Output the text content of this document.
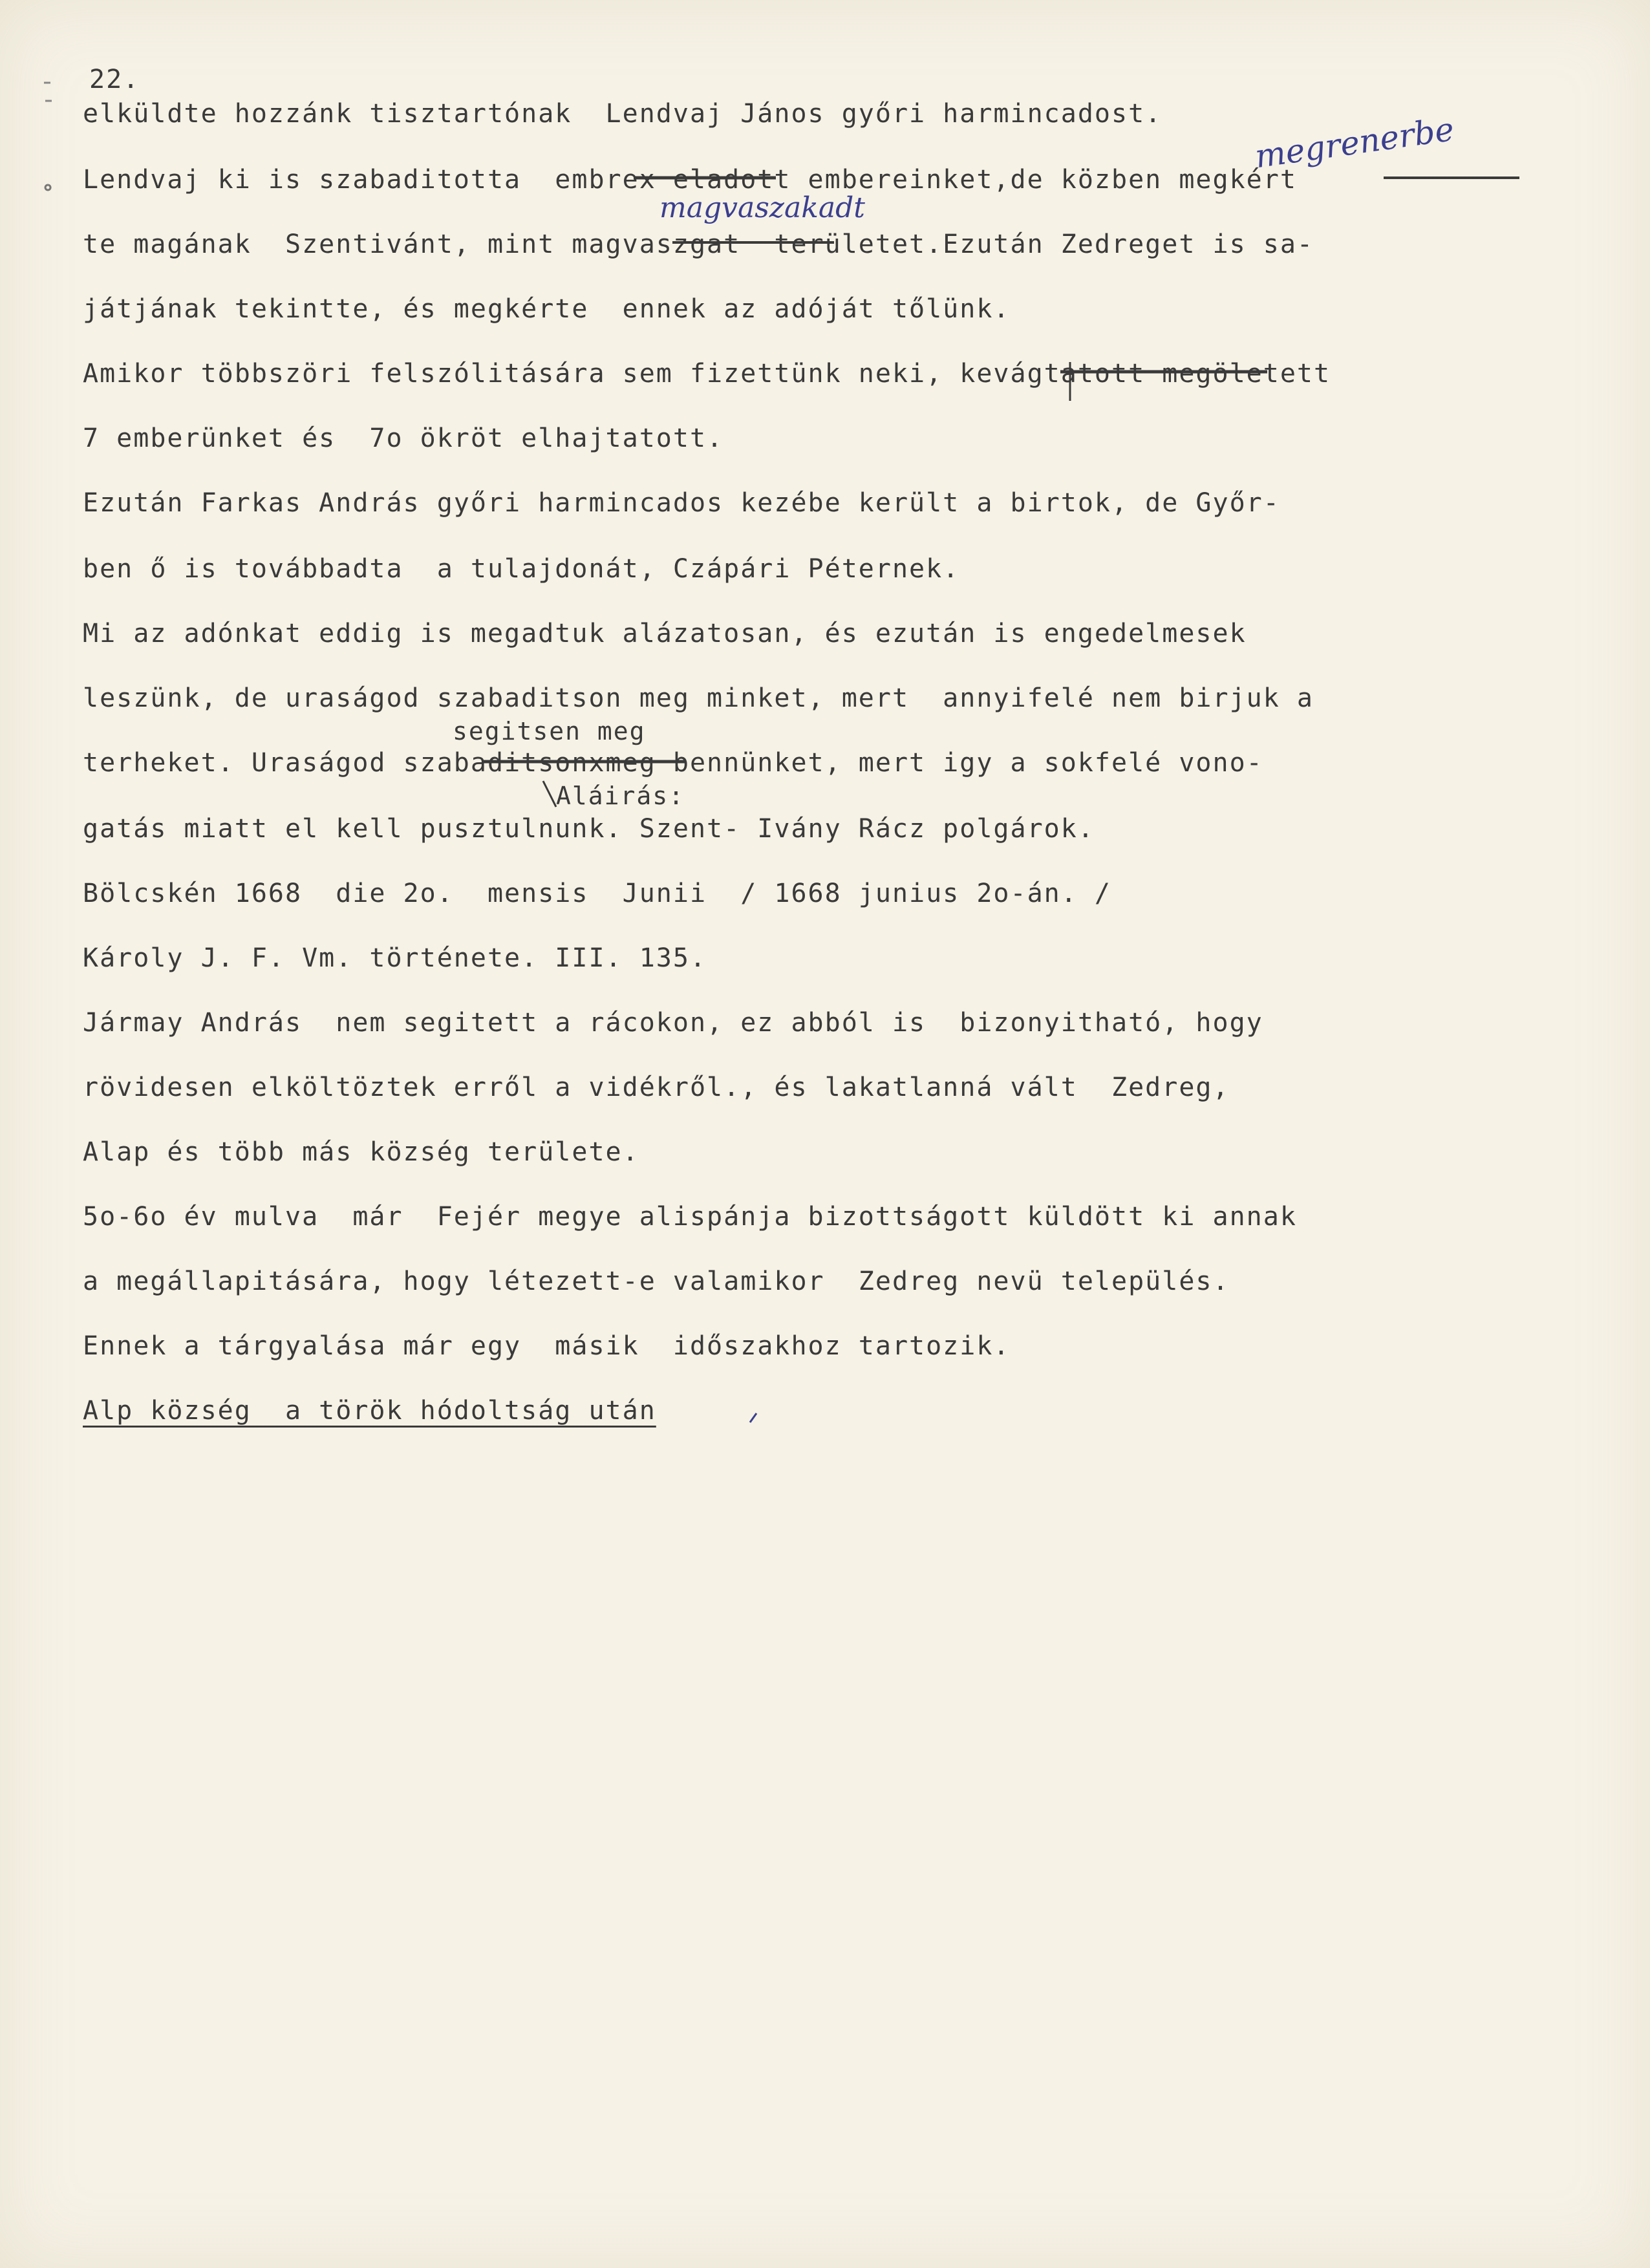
22.
elküldte hozzánk tisztartónak  Lendvaj János győri harmincadost.
Lendvaj ki is szabaditotta  embrex eladott embereinket,de közben megkért
te magának  Szentivánt, mint magvaszgat  területet.Ezután Zedreget is sa-
játjának tekintte, és megkérte  ennek az adóját tőlünk.
Amikor többszöri felszólitására sem fizettünk neki, kevágtatott megöletett
7 emberünket és  7o ökröt elhajtatott.
Ezután Farkas András győri harmincados kezébe került a birtok, de Győr-
ben ő is továbbadta  a tulajdonát, Czápári Péternek.
Mi az adónkat eddig is megadtuk alázatosan, és ezután is engedelmesek
leszünk, de uraságod szabaditson meg minket, mert  annyifelé nem birjuk a
terheket. Uraságod szabaditsonxmeg bennünket, mert igy a sokfelé vono-
gatás miatt el kell pusztulnunk. Szent- Ivány Rácz polgárok.
Bölcskén 1668  die 2o.  mensis  Junii  / 1668 junius 2o-án. /
Károly J. F. Vm. története. III. 135.
Jármay András  nem segitett a rácokon, ez abból is  bizonyitható, hogy
rövidesen elköltöztek erről a vidékről., és lakatlanná vált  Zedreg,
Alap és több más község területe.
5o-6o év mulva  már  Fejér megye alispánja bizottságott küldött ki annak
a megállapitására, hogy létezett-e valamikor  Zedreg nevü település.
Ennek a tárgyalása már egy  másik  időszakhoz tartozik.
Alp község  a török hódoltság után
megrenerbe
magvaszakadt
segitsen meg
Aláirás:
